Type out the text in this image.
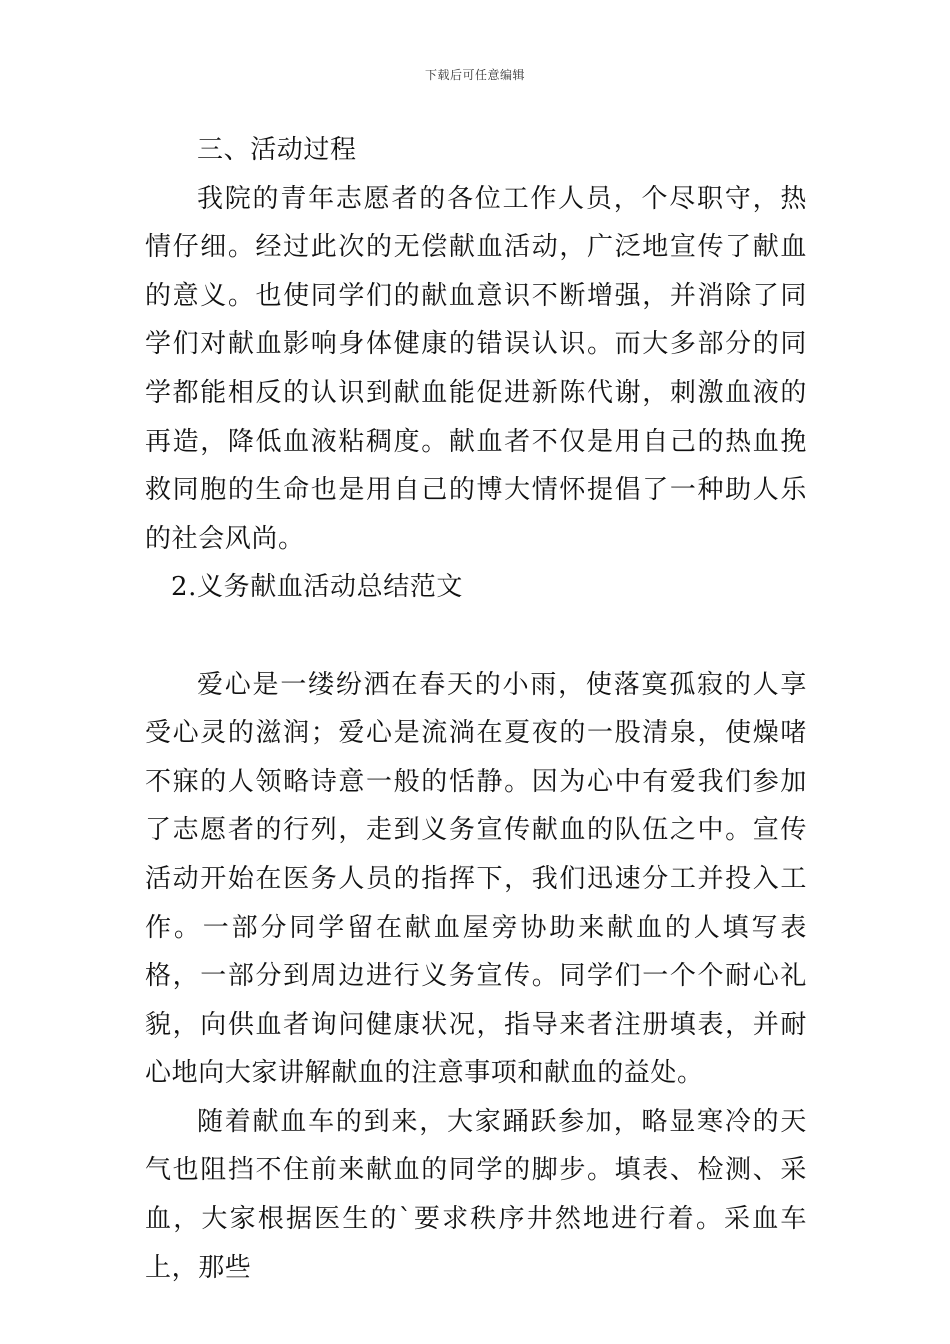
下载后可任意编辑

三、活动过程

我院的青年志愿者的各位工作人员，个尽职守，热情仔细。经过此次的无偿献血活动，广泛地宣传了献血的意义。也使同学们的献血意识不断增强，并消除了同学们对献血影响身体健康的错误认识。而大多部分的同学都能相反的认识到献血能促进新陈代谢，刺激血液的再造，降低血液粘稠度。献血者不仅是用自己的热血挽救同胞的生命也是用自己的博大情怀提倡了一种助人乐的社会风尚。

2.义务献血活动总结范文

爱心是一缕纷洒在春天的小雨，使落寞孤寂的人享受心灵的滋润；爱心是流淌在夏夜的一股清泉，使燥啫不寐的人领略诗意一般的恬静。因为心中有爱我们参加了志愿者的行列，走到义务宣传献血的队伍之中。宣传活动开始在医务人员的指挥下，我们迅速分工并投入工作。一部分同学留在献血屋旁协助来献血的人填写表格，一部分到周边进行义务宣传。同学们一个个耐心礼貌，向供血者询问健康状况，指导来者注册填表，并耐心地向大家讲解献血的注意事项和献血的益处。

随着献血车的到来，大家踊跃参加，略显寒冷的天气也阻挡不住前来献血的同学的脚步。填表、检测、采血，大家根据医生的`要求秩序井然地进行着。采血车上，那些
